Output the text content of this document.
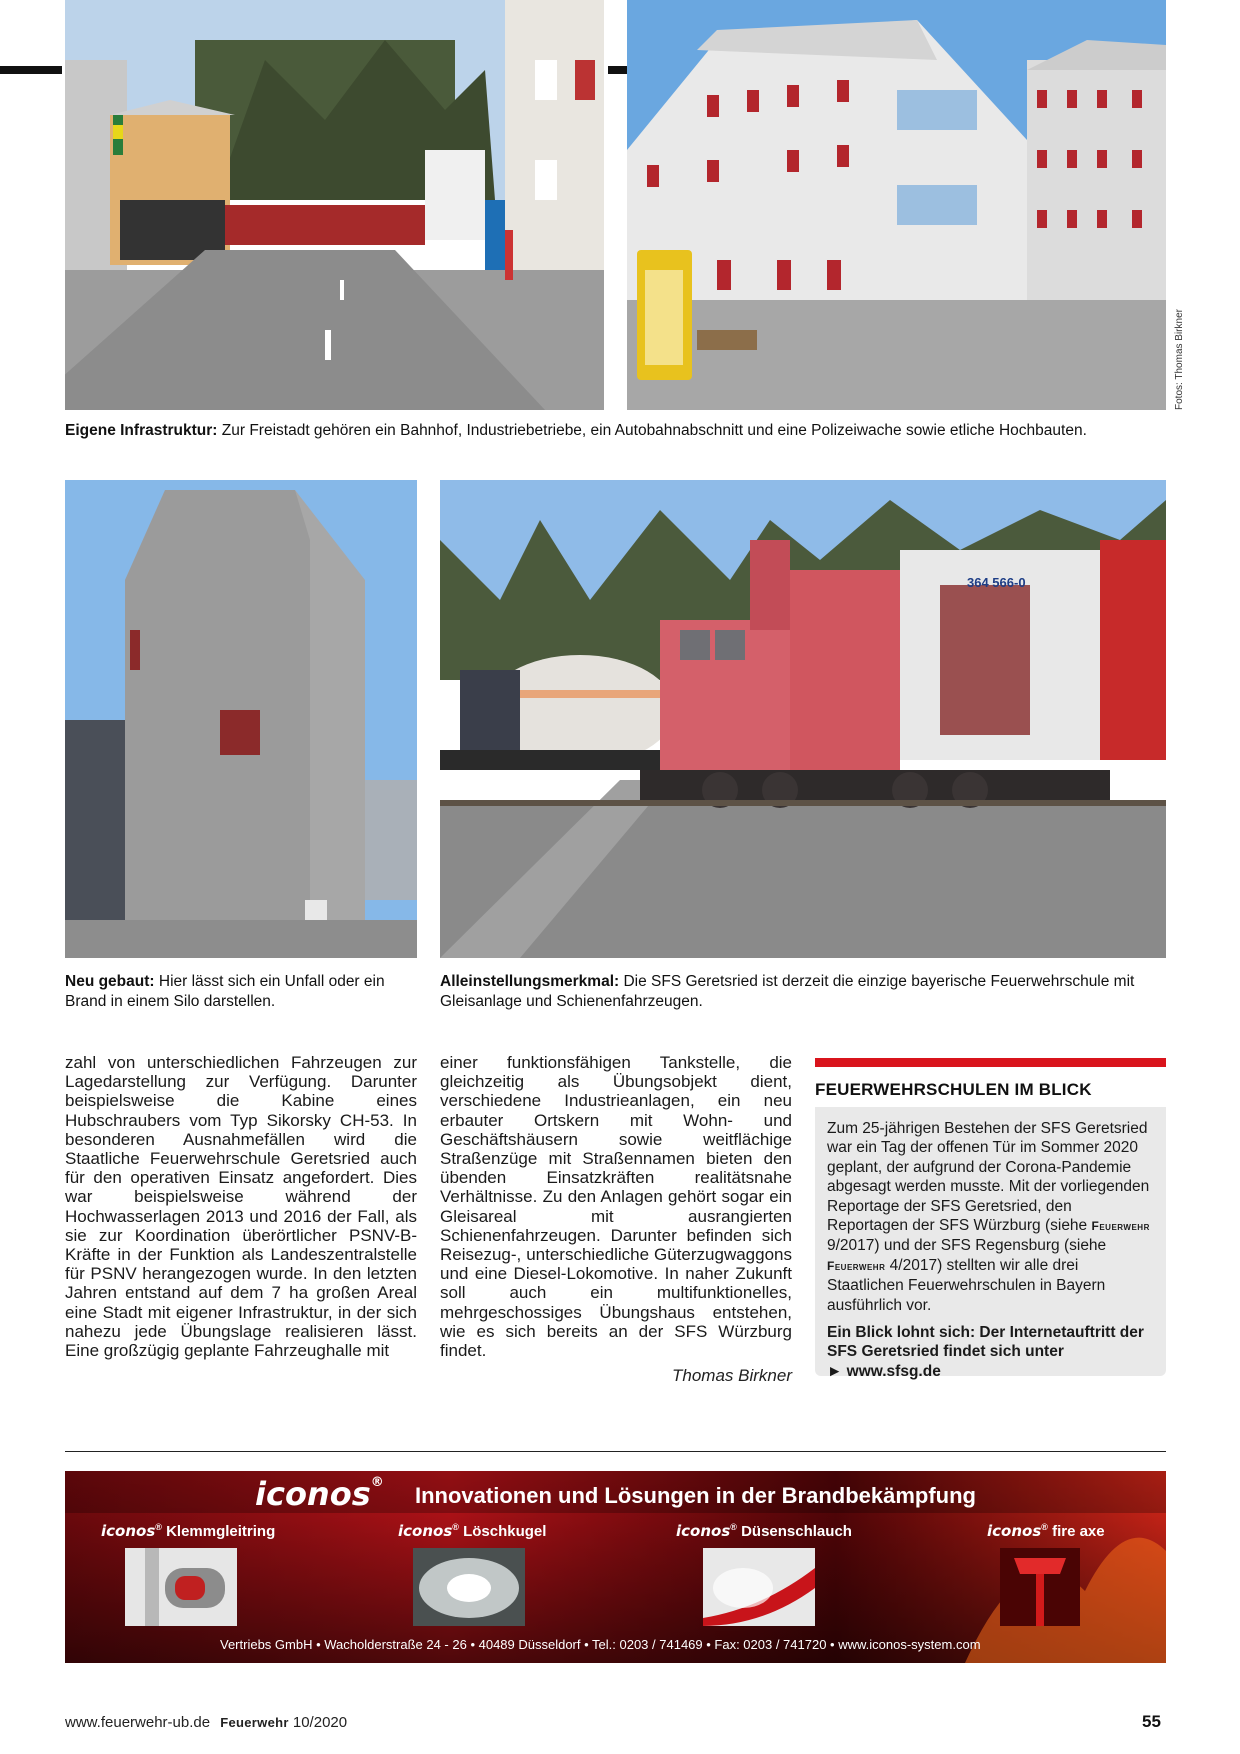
Fotos: Thomas Birkner
Eigene Infrastruktur: Zur Freistadt gehören ein Bahnhof, Industriebetriebe, ein Autobahnabschnitt und eine Polizeiwache sowie etliche Hochbauten.
364 566-0
Neu gebaut: Hier lässt sich ein Unfall oder ein Brand in einem Silo darstellen.
Alleinstellungsmerkmal: Die SFS Geretsried ist derzeit die einzige bayerische Feuerwehrschule mit Gleisanlage und Schienenfahrzeugen.
zahl von unterschiedlichen Fahrzeugen zur Lagedarstellung zur Verfügung. Darunter beispielsweise die Kabine eines Hubschraubers vom Typ Sikorsky CH-53. In besonderen Ausnahmefällen wird die Staatliche Feuerwehrschule Geretsried auch für den operativen Einsatz angefordert. Dies war beispielsweise während der Hochwasserlagen 2013 und 2016 der Fall, als sie zur Koordination überörtlicher PSNV-B-Kräfte in der Funktion als Landeszentralstelle für PSNV herangezogen wurde. In den letzten Jahren entstand auf dem 7 ha großen Areal eine Stadt mit eigener Infrastruktur, in der sich nahezu jede Übungslage realisieren lässt. Eine großzügig geplante Fahrzeughalle mit
einer funktionsfähigen Tankstelle, die gleichzeitig als Übungsobjekt dient, verschiedene Industrieanlagen, ein neu erbauter Ortskern mit Wohn- und Geschäftshäusern sowie weitflächige Straßenzüge mit Straßennamen bieten den übenden Einsatzkräften realitätsnahe Verhältnisse. Zu den Anlagen gehört sogar ein Gleisareal mit ausrangierten Schienenfahrzeugen. Darunter befinden sich Reisezug-, unterschiedliche Güterzugwaggons und eine Diesel-Lokomotive. In naher Zukunft soll auch ein multifunktionelles, mehrgeschossiges Übungshaus entstehen, wie es sich bereits an der SFS Würzburg findet.
Thomas Birkner
FEUERWEHRSCHULEN IM BLICK
Zum 25-jährigen Bestehen der SFS Geretsried war ein Tag der offenen Tür im Sommer 2020 geplant, der aufgrund der Corona-Pandemie abgesagt werden musste. Mit der vorliegenden Reportage der SFS Geretsried, den Reportagen der SFS Würzburg (siehe Feuerwehr 9/2017) und der SFS Regensburg (siehe Feuerwehr 4/2017) stellten wir alle drei Staatlichen Feuerwehrschulen in Bayern ausführlich vor.
Ein Blick lohnt sich: Der Internetauftritt der SFS Geretsried findet sich unter
► www.sfsg.de
iconos®
Innovationen und Lösungen in der Brandbekämpfung
iconos® Klemmgleitring	iconos® Löschkugel	iconos® Düsenschlauch	iconos® fire axe
Vertriebs GmbH • Wacholderstraße 24 - 26 • 40489 Düsseldorf • Tel.: 0203 / 741469 • Fax: 0203 / 741720 • www.iconos-system.com
www.feuerwehr-ub.de Feuerwehr 10/2020	55
